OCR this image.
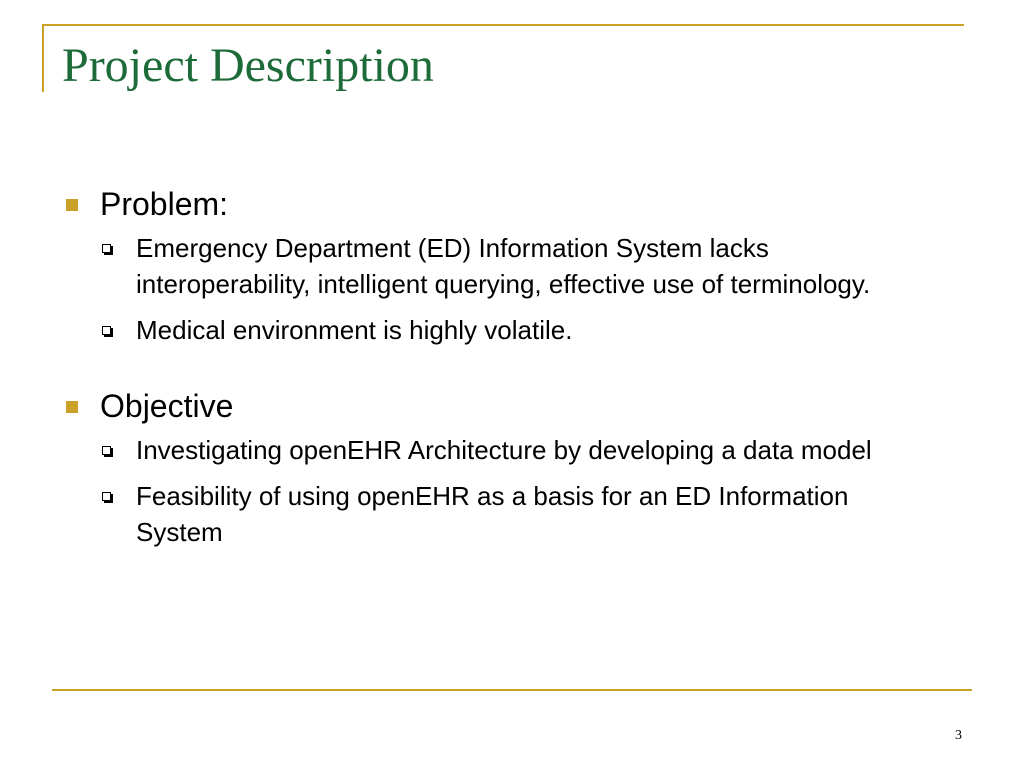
Project Description
Problem:
Emergency Department (ED) Information System lacks interoperability, intelligent querying, effective use of terminology.
Medical environment is highly volatile.
Objective
Investigating openEHR Architecture by developing a data model
Feasibility of using openEHR as a basis for an ED Information System
3
